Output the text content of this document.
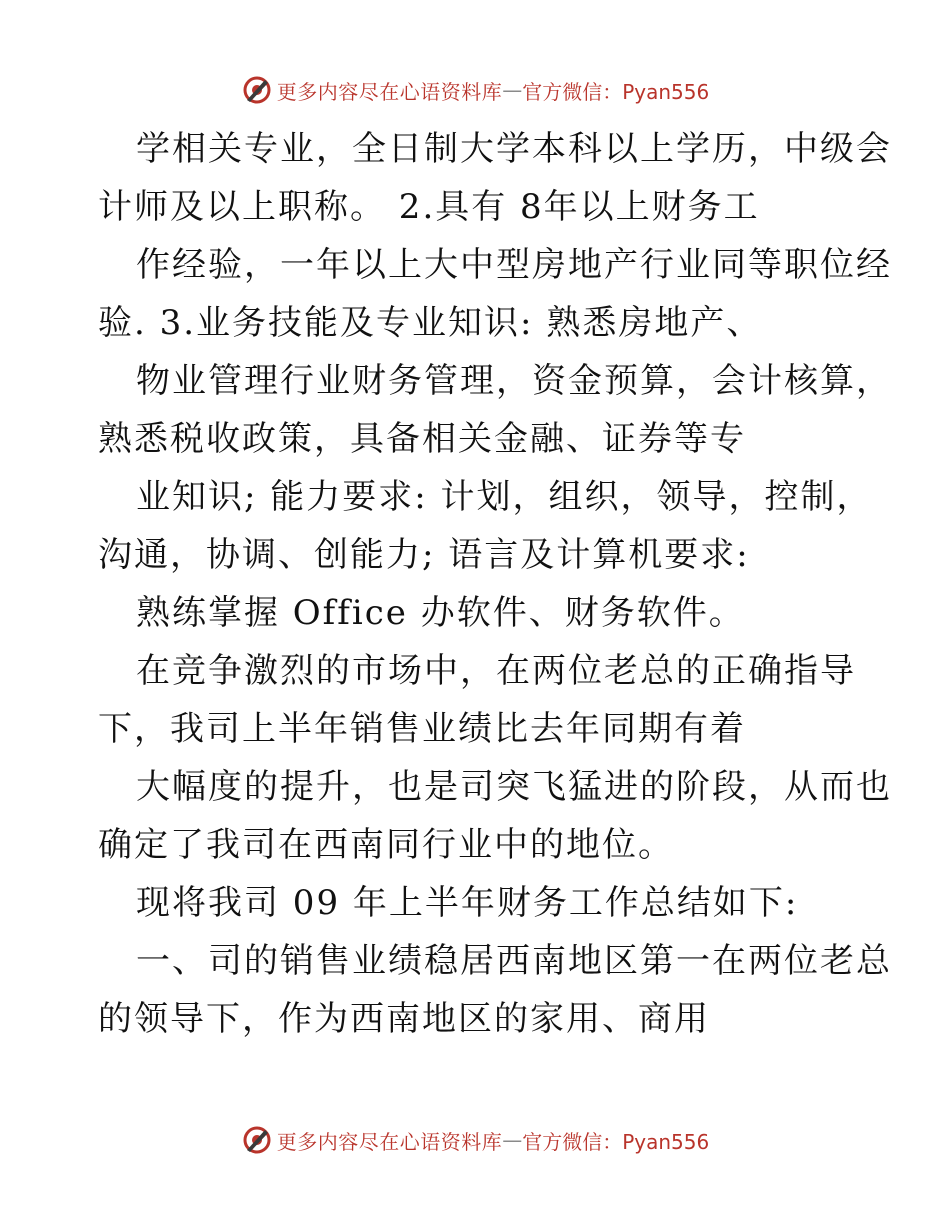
更多内容尽在心语资料库 — 官方微信：Pyan556
学相关专业，全日制大学本科以上学历，中级会
计师及以上职称。 2.具有 8年以上财务工
作经验，一年以上大中型房地产行业同等职位经
验. 3.业务技能及专业知识: 熟悉房地产、
物业管理行业财务管理，资金预算，会计核算，
熟悉税收政策，具备相关金融、证券等专
业知识; 能力要求: 计划，组织，领导，控制，
沟通，协调、创能力; 语言及计算机要求:
熟练掌握 Office 办软件、财务软件。
在竞争激烈的市场中，在两位老总的正确指导
下，我司上半年销售业绩比去年同期有着
大幅度的提升，也是司突飞猛进的阶段，从而也
确定了我司在西南同行业中的地位。
现将我司 09 年上半年财务工作总结如下:
一、司的销售业绩稳居西南地区第一在两位老总
的领导下，作为西南地区的家用、商用
更多内容尽在心语资料库 — 官方微信：Pyan556
